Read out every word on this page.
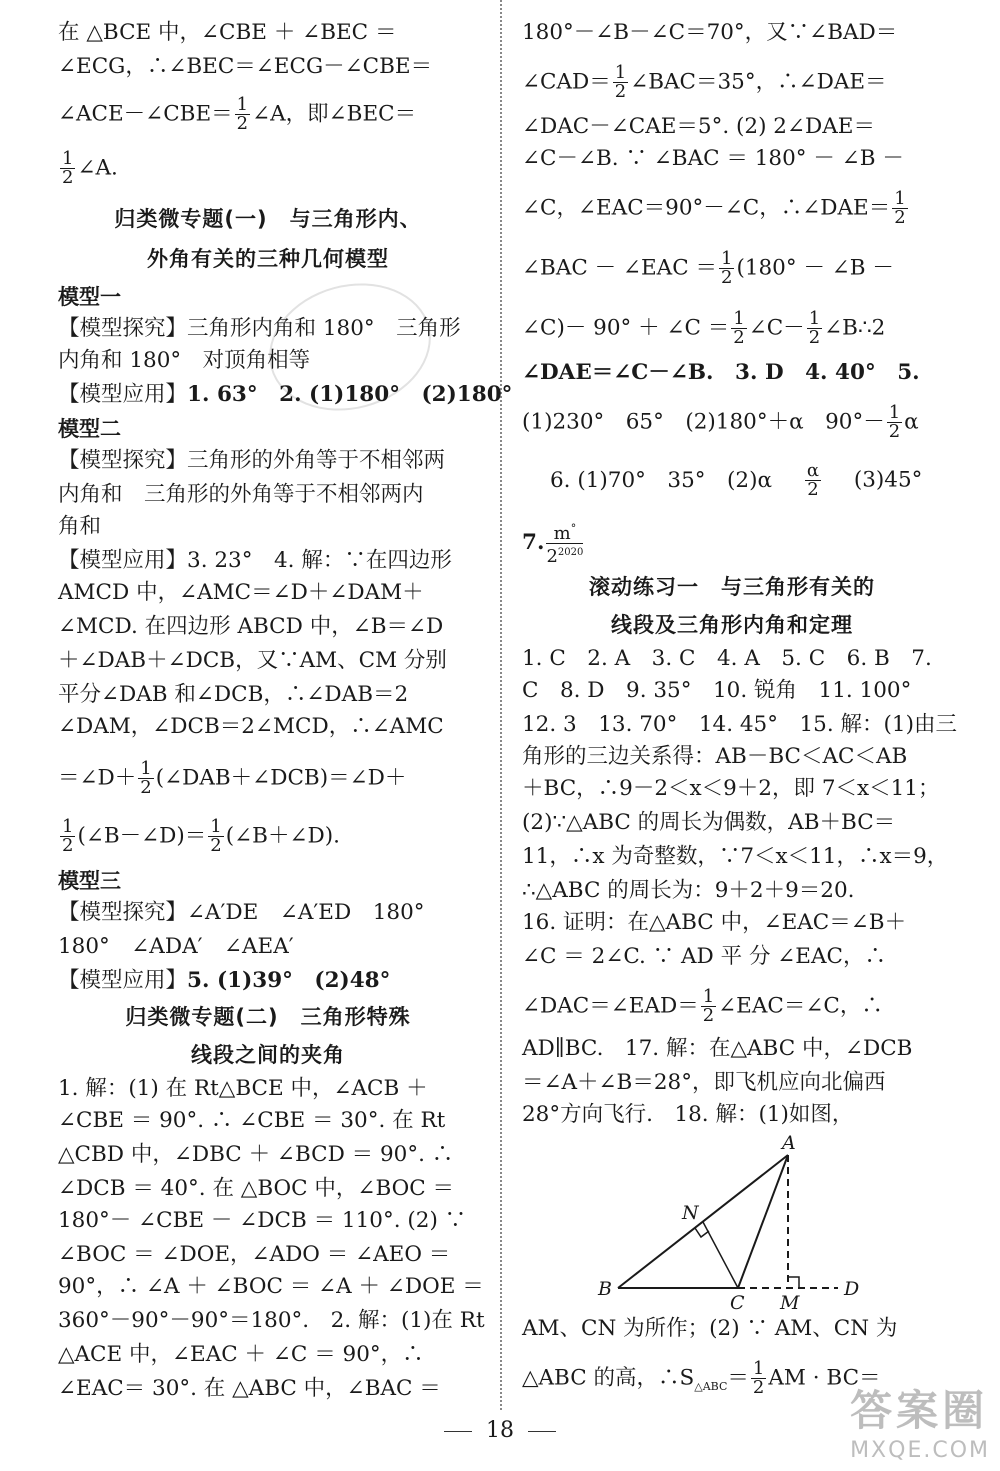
在 △BCE 中，∠CBE ＋ ∠BEC ＝
∠ECG，∴∠BEC＝∠ECG－∠CBE＝
∠ACE－∠CBE＝ $\frac{1}{2}$ ∠A，即∠BEC＝
$\frac{1}{2}$ ∠A.
归类微专题(一)　与三角形内、
外角有关的三种几何模型
模型一
【模型探究】三角形内角和 180°　三角形
内角和 180°　对顶角相等
【模型应用】1. 63°　2. (1)180°　(2)180°
模型二
【模型探究】三角形的外角等于不相邻两
内角和　三角形的外角等于不相邻两内
角和
【模型应用】3. 23°　4. 解：∵在四边形
AMCD 中，∠AMC＝∠D＋∠DAM＋
∠MCD. 在四边形 ABCD 中，∠B＝∠D
＋∠DAB＋∠DCB，又∵AM、CM 分别
平分∠DAB 和∠DCB，∴∠DAB＝2
∠DAM，∠DCB＝2∠MCD，∴∠AMC
＝∠D＋ $\frac{1}{2}$ (∠DAB＋∠DCB)＝∠D＋
$\frac{1}{2}$ (∠B－∠D)＝ $\frac{1}{2}$ (∠B＋∠D).
模型三
【模型探究】∠A′DE　∠A′ED　180°
180°　∠ADA′　∠AEA′
【模型应用】5. (1)39°　(2)48°
归类微专题(二)　三角形特殊
线段之间的夹角
1. 解：(1) 在 Rt△BCE 中，∠ACB ＋
∠CBE ＝ 90°. ∴ ∠CBE ＝ 30°. 在 Rt
△CBD 中，∠DBC ＋ ∠BCD ＝ 90°. ∴
∠DCB ＝ 40°. 在 △BOC 中，∠BOC ＝
180°－ ∠CBE － ∠DCB ＝ 110°. (2) ∵
∠BOC ＝ ∠DOE，∠ADO ＝ ∠AEO ＝
90°，∴ ∠A ＋ ∠BOC ＝ ∠A ＋ ∠DOE ＝
360°－90°－90°＝180°.　2. 解：(1)在 Rt
△ACE 中，∠EAC ＋ ∠C ＝ 90°，∴
∠EAC＝ 30°. 在 △ABC 中，∠BAC ＝
180°－∠B－∠C＝70°，又∵∠BAD＝
∠CAD＝ $\frac{1}{2}$ ∠BAC＝35°，∴∠DAE＝
∠DAC－∠CAE＝5°. (2) 2∠DAE＝
∠C－∠B. ∵ ∠BAC ＝ 180° － ∠B －
∠C，∠EAC＝90°－∠C，∴∠DAE＝ $\frac{1}{2}$
∠BAC － ∠EAC ＝ $\frac{1}{2} (180^\circ$ － ∠B －
∠C)－ 90° ＋ ∠C ＝ $\frac{1}{2}$ ∠C－ $\frac{1}{2}$ ∠B∴2
∠DAE＝∠C－∠B.　3. D　4. 40°　5.
(1)230°　65°　(2)180°＋α　$90^\circ- \frac{1}{2}$ α
6. (1)70°　35°　$(2)\alpha \frac{\alpha}{2} (3)45^\circ$
7. $\frac{m^\circ}{2^{2020}}$
滚动练习一　与三角形有关的
线段及三角形内角和定理
1. C　2. A　3. C　4. A　5. C　6. B　7.
C　8. D　9. 35°　10. 锐角　11. 100°
12. 3　13. 70°　14. 45°　15. 解：(1)由三
角形的三边关系得：AB－BC＜AC＜AB
＋BC，∴9－2＜x＜9＋2，即 7＜x＜11；
(2)∵△ABC 的周长为偶数，AB＋BC＝
11，∴x 为奇整数，∵7＜x＜11，∴x＝9，
∴△ABC 的周长为：9＋2＋9＝20.
16. 证明：在△ABC 中，∠EAC＝∠B＋
∠C ＝ 2∠C. ∵ AD 平 分 ∠EAC，∴
∠DAC＝∠EAD＝ $\frac{1}{2}$ ∠EAC＝∠C，∴
AD∥BC.　17. 解：在△ABC 中，∠DCB
＝∠A＋∠B＝28°，即飞机应向北偏西
28°方向飞行.　18. 解：(1)如图，
AM、CN 为所作；(2) ∵ AM、CN 为
△ABC 的高，$\therefore S_{\triangle ABC}= \frac{1}{2}$ AM · BC＝
A
B
C
D
M
N
18	答案圈
MXQE.COM
